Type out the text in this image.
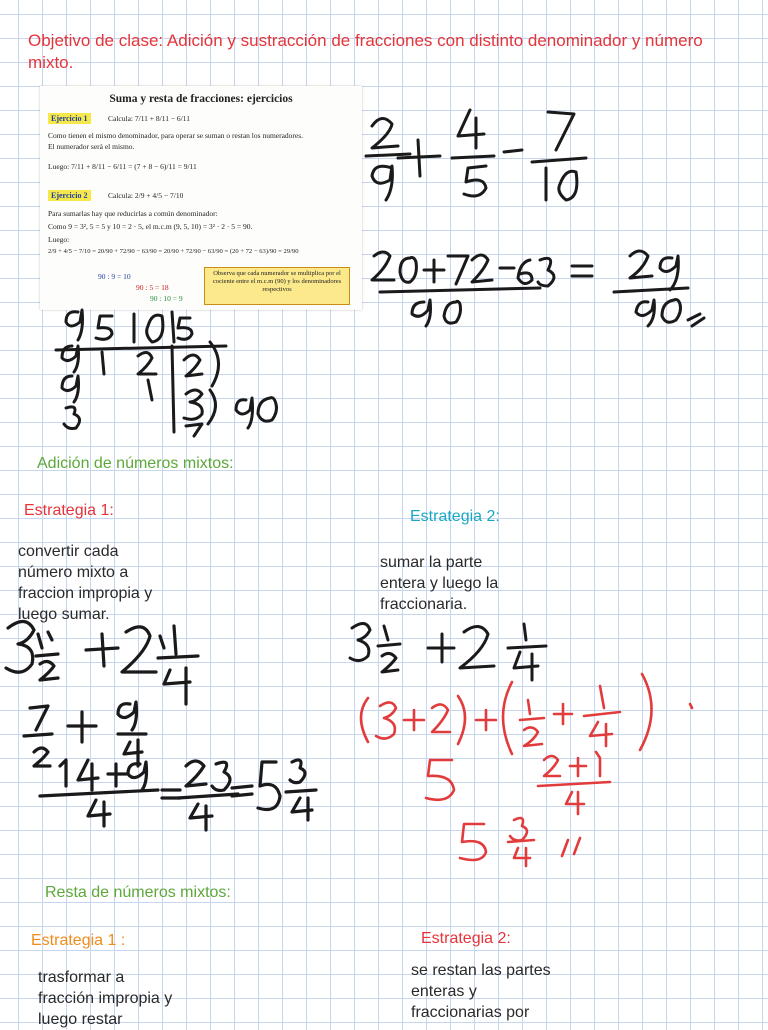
Objetivo de clase: Adición y sustracción de fracciones con distinto denominador y número mixto.
Suma y resta de fracciones: ejercicios
Ejercicio 1	Calcula: 7/11 + 8/11 − 6/11
Como tienen el mismo denominador, para operar se suman o restan los numeradores.
El numerador será el mismo.
Luego: 7/11 + 8/11 − 6/11 = (7 + 8 − 6)/11 = 9/11
Ejercicio 2	Calcula: 2/9 + 4/5 − 7/10
Para sumarlas hay que reducirlas a común denominador:
Como 9 = 3², 5 = 5 y 10 = 2 · 5, el m.c.m (9, 5, 10) = 3² · 2 · 5 = 90.
Luego:
2/9 + 4/5 − 7/10 = 20/90 + 72/90 − 63/90 = 20/90 + 72/90 − 63/90 = (20 + 72 − 63)/90 = 29/90
90 : 9 = 10
90 : 5 = 18
90 : 10 = 9
Observa que cada numerador se multiplica por el cociente entre el m.c.m (90) y los denominadores respectivos
Adición de números mixtos:
Estrategia 1:
convertir cada
número mixto a
fraccion impropia y
luego sumar.
Estrategia 2:
sumar la parte
entera y luego la
fraccionaria.
Resta de números mixtos:
Estrategia 1 :
trasformar a
fracción impropia y
luego restar
Estrategia 2:
se restan las partes
enteras y
fraccionarias por
